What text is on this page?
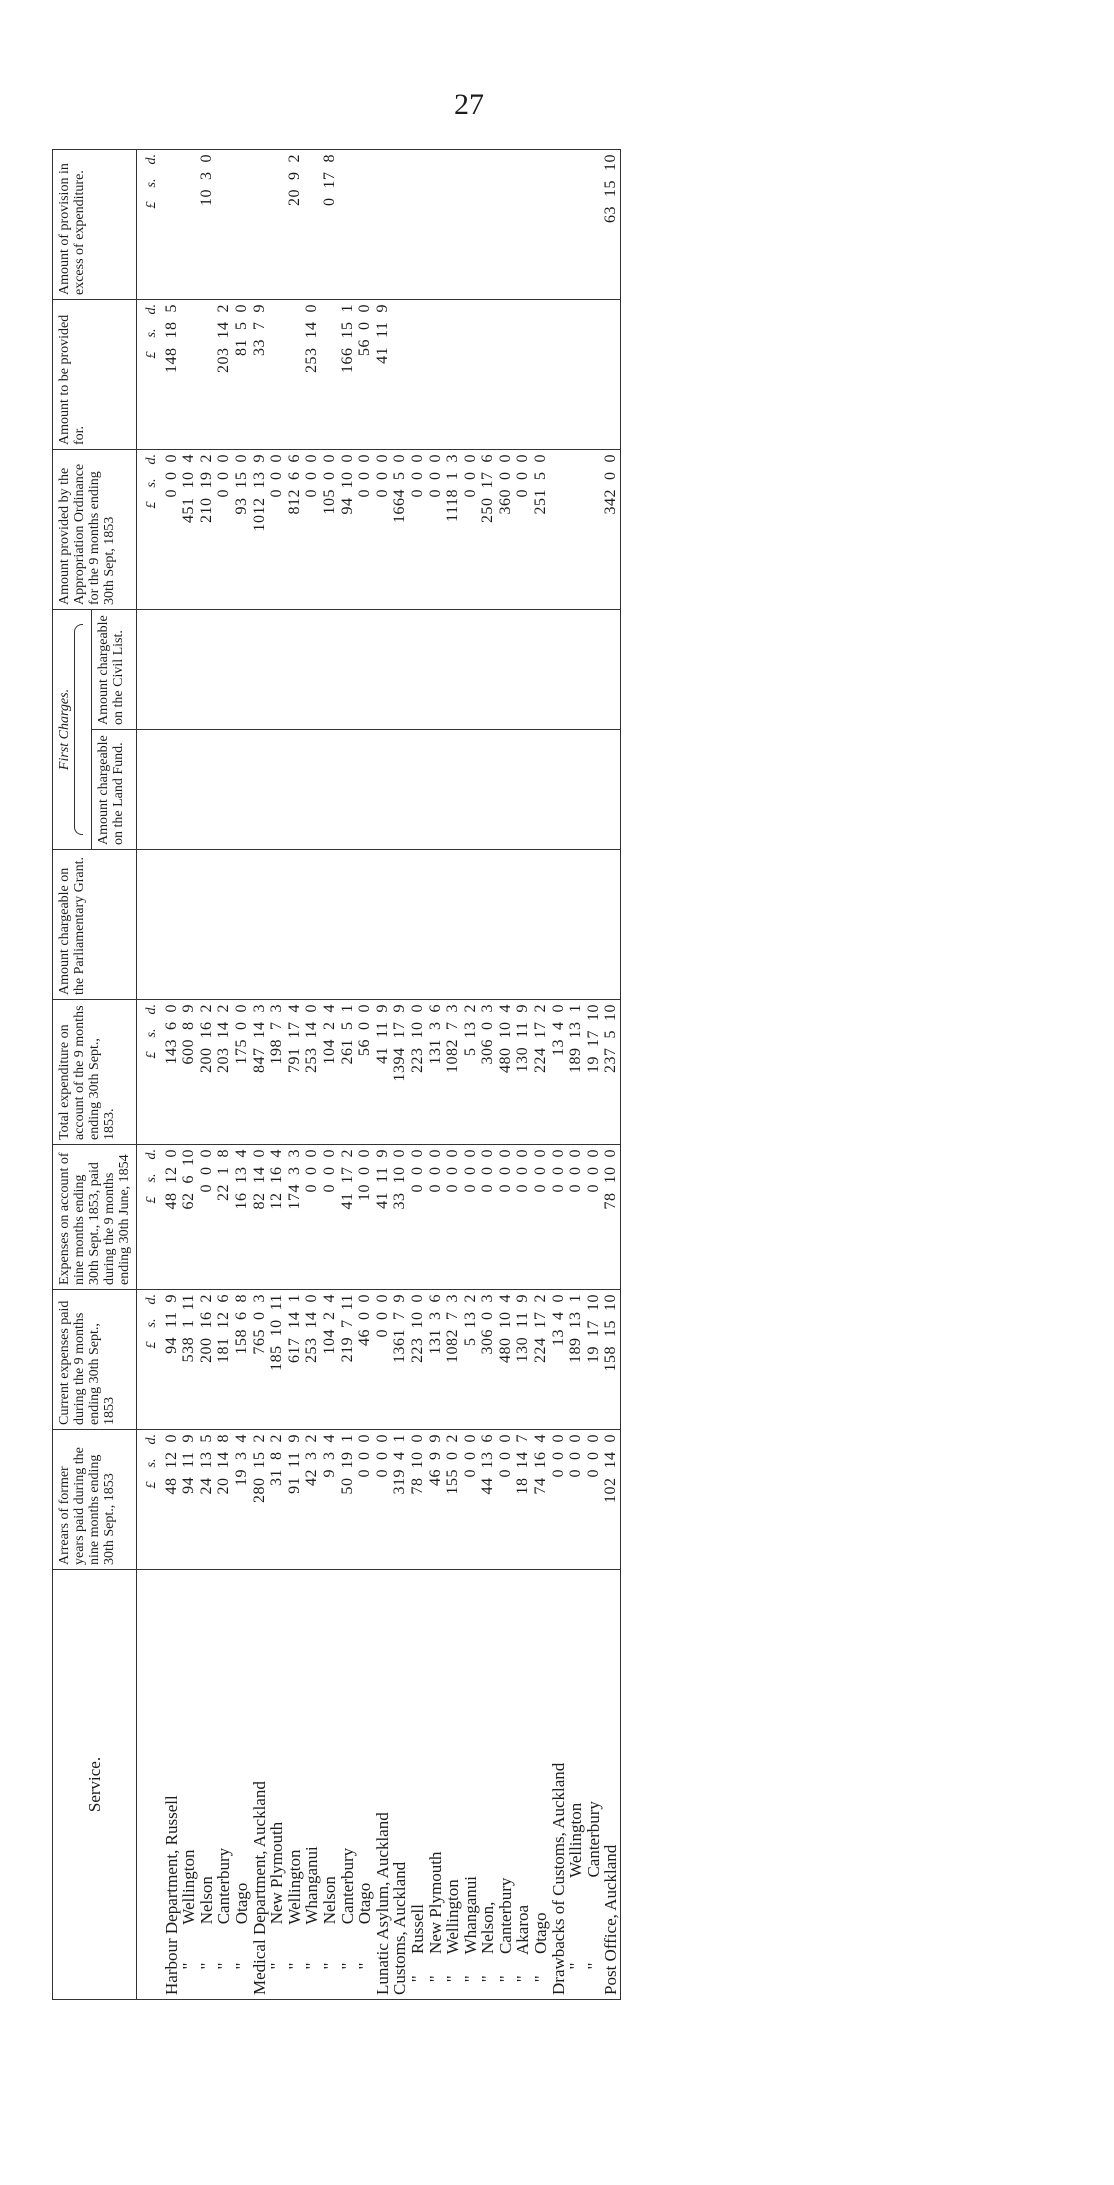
27
Service.	Arrears of former years paid during the nine months ending 30th Sept., 1853	Current expenses paid during the 9 months ending 30th Sept., 1853	Expenses on account of nine months ending 30th Sept., 1853, paid during the 9 months ending 30th June, 1854	Total expenditure on account of the 9 months ending 30th Sept., 1853.	Amount chargeable on the Parliamentary Grant.	First Charges.		Amount provided by the Appropriation Ordinance for the 9 months ending 30th Sept, 1853	Amount to be provided for.	Amount of provision in excess of expenditure.
						Amount chargeable on the Land Fund.	Amount chargeable on the Civil List.			
	£    s.    d.	£    s.    d.	£    s.    d.	£    s.    d.				£    s.    d.	£    s.    d.	£    s.    d.
Harbour Department, Russell	48  12  0	94  11  9	48  12  0	143  6  0				0  0  0	148  18  5	
"         Wellington	94  11  9	538  1  11	62  6  10	600  8  9				451  10  4		
"         Nelson	24  13  5	200  16  2	0  0  0	200  16  2				210  19  2		10  3  0
"         Canterbury	20  14  8	181  12  6	22  1  8	203  14  2				0  0  0	203  14  2	
"         Otago	19  3  4	158  6  8	16  13  4	175  0  0				93  15  0	81  5  0	
Medical Department, Auckland	280  15  2	765  0  3	82  14  0	847  14  3				1012  13  9	33  7  9	
"         New Plymouth	31  8  2	185  10  11	12  16  4	198  7  3				0  0  0		
"         Wellington	91  11  9	617  14  1	174  3  3	791  17  4				812  6  6		20  9  2
"         Whanganui	42  3  2	253  14  0	0  0  0	253  14  0				0  0  0	253  14  0	
"         Nelson	9  3  4	104  2  4	0  0  0	104  2  4				105  0  0		0  17  8
"         Canterbury	50  19  1	219  7  11	41  17  2	261  5  1				94  10  0	166  15  1	
"         Otago	0  0  0	46  0  0	10  0  0	56  0  0				0  0  0	56  0  0	
Lunatic Asylum, Auckland	0  0  0	0  0  0	41  11  9	41  11  9				0  0  0	41  11  9	
Customs, Auckland	319  4  1	1361  7  9	33  10  0	1394  17  9				1664  5  0		
"     Russell	78  10  0	223  10  0	0  0  0	223  10  0				0  0  0		
"     New Plymouth	46  9  9	131  3  6	0  0  0	131  3  6				0  0  0		
"     Wellington	155  0  2	1082  7  3	0  0  0	1082  7  3				1118  1  3		
"     Whanganui	0  0  0	5  13  2	0  0  0	5  13  2				0  0  0		
"     Nelson,	44  13  6	306  0  3	0  0  0	306  0  3				250  17  6		
"     Canterbury	0  0  0	480  10  4	0  0  0	480  10  4				360  0  0		
"     Akaroa	18  14  7	130  11  9	0  0  0	130  11  9				0  0  0		
"     Otago	74  16  4	224  17  2	0  0  0	224  17  2				251  5  0		
Drawbacks of Customs, Auckland	0  0  0	13  4  0	0  0  0	13  4  0						
"                    Wellington	0  0  0	189  13  1	0  0  0	189  13  1						
"                    Canterbury	0  0  0	19  17  10	0  0  0	19  17  10						
Post Office, Auckland	102  14  0	158  15  10	78  10  0	237  5  10				342  0  0		63  15  10
